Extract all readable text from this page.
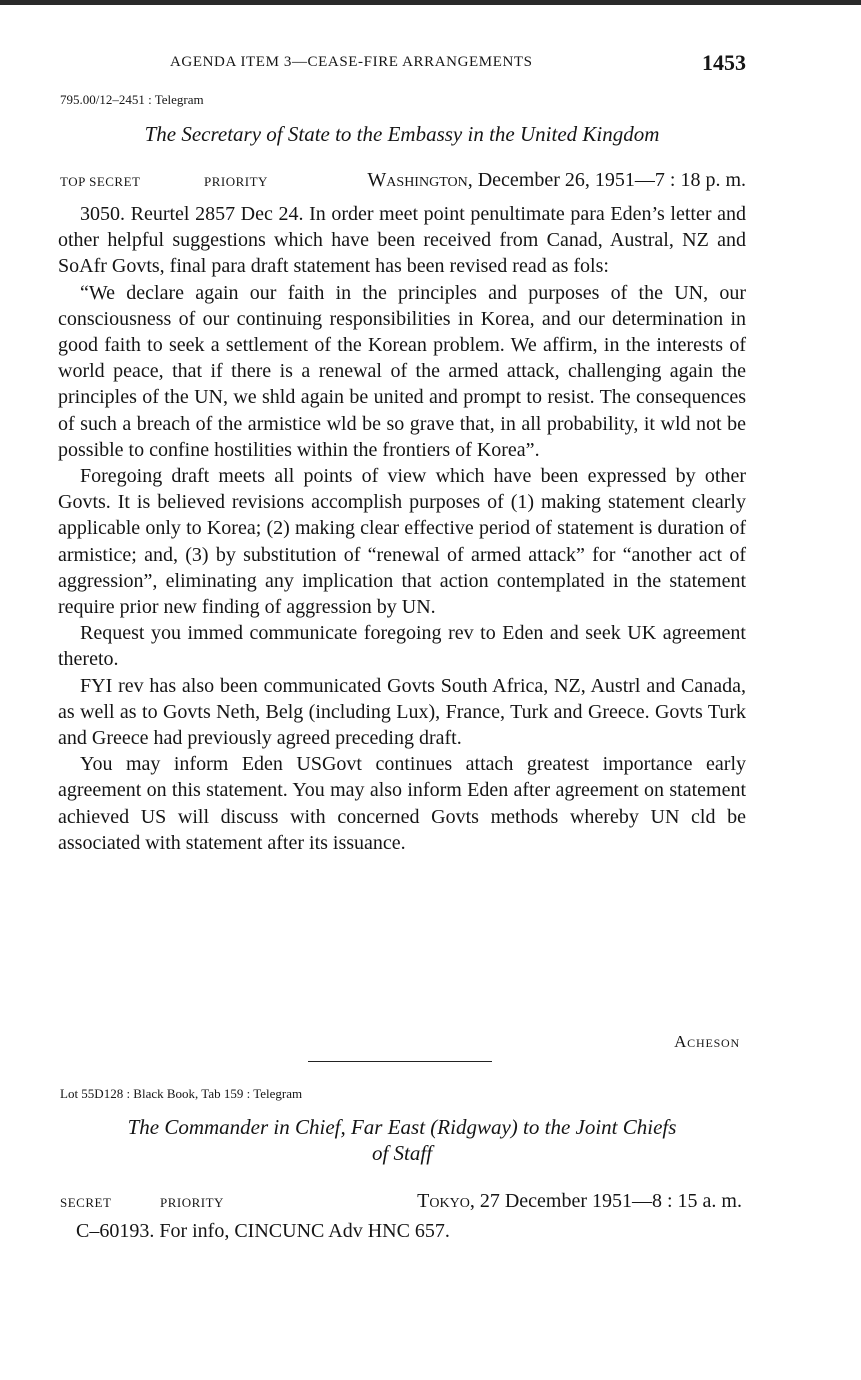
AGENDA ITEM 3—CEASE-FIRE ARRANGEMENTS	1453
795.00/12–2451 : Telegram
The Secretary of State to the Embassy in the United Kingdom
TOP SECRET	PRIORITY	Washington, December 26, 1951—7 : 18 p. m.

3050. Reurtel 2857 Dec 24. In order meet point penultimate para Eden’s letter and other helpful suggestions which have been received from Canad, Austral, NZ and SoAfr Govts, final para draft statement has been revised read as fols:

“We declare again our faith in the principles and purposes of the UN, our consciousness of our continuing responsibilities in Korea, and our determination in good faith to seek a settlement of the Korean problem. We affirm, in the interests of world peace, that if there is a renewal of the armed attack, challenging again the principles of the UN, we shld again be united and prompt to resist. The consequences of such a breach of the armistice wld be so grave that, in all probability, it wld not be possible to confine hostilities within the frontiers of Korea”.

Foregoing draft meets all points of view which have been expressed by other Govts. It is believed revisions accomplish purposes of (1) making statement clearly applicable only to Korea; (2) making clear effective period of statement is duration of armistice; and, (3) by substitution of “renewal of armed attack” for “another act of aggression”, eliminating any implication that action contemplated in the statement require prior new finding of aggression by UN.

Request you immed communicate foregoing rev to Eden and seek UK agreement thereto.

FYI rev has also been communicated Govts South Africa, NZ, Austrl and Canada, as well as to Govts Neth, Belg (including Lux), France, Turk and Greece. Govts Turk and Greece had previously agreed preceding draft.

You may inform Eden USGovt continues attach greatest importance early agreement on this statement. You may also inform Eden after agreement on statement achieved US will discuss with concerned Govts methods whereby UN cld be associated with statement after its issuance.

Acheson
Lot 55D128 : Black Book, Tab 159 : Telegram
The Commander in Chief, Far East (Ridgway) to the Joint Chiefs
of Staff
SECRET	PRIORITY	Tokyo, 27 December 1951—8 : 15 a. m.
C–60193. For info, CINCUNC Adv HNC 657.
